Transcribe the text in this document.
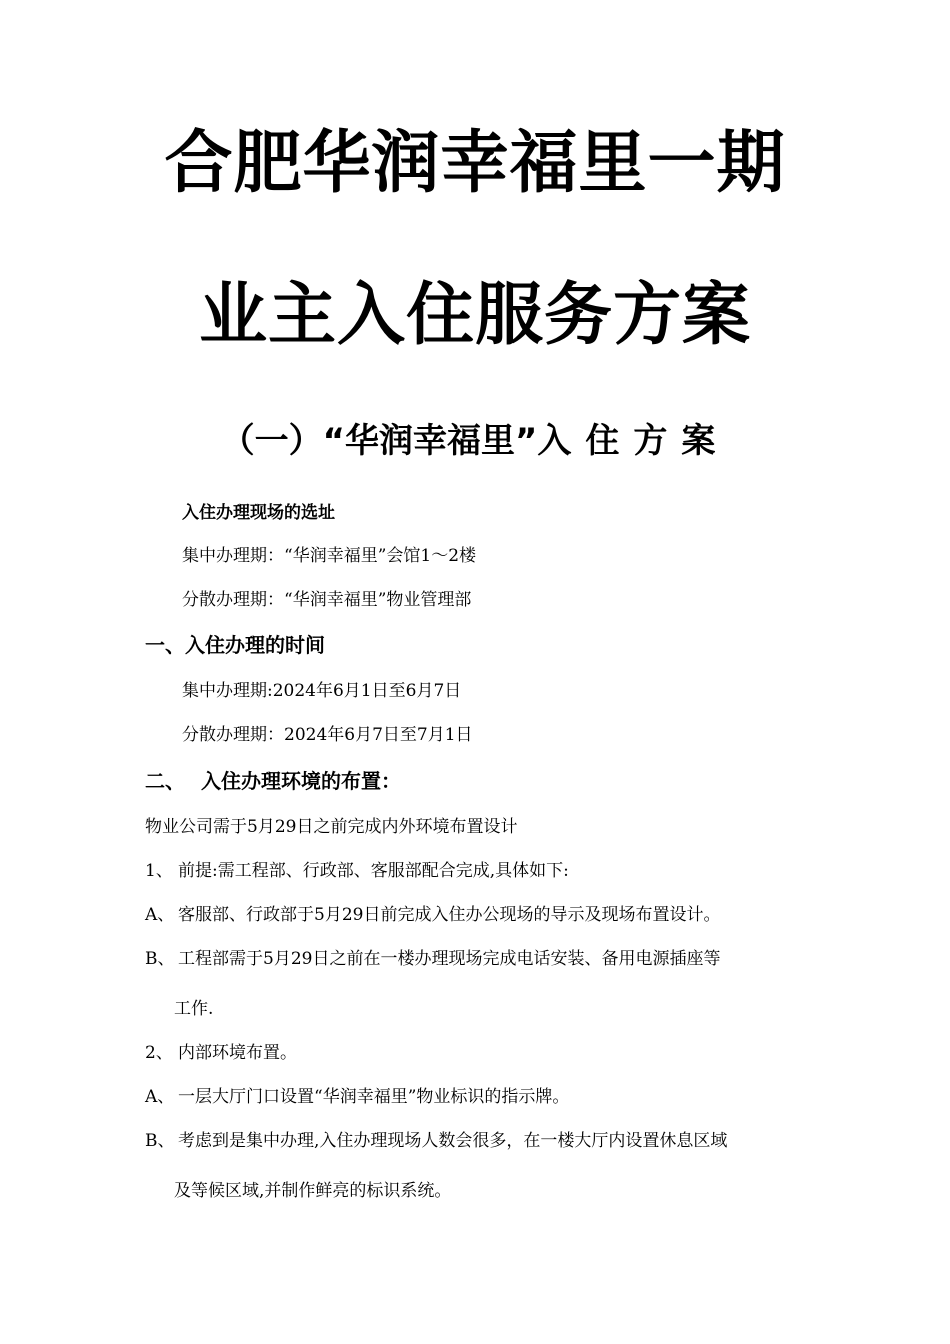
合肥华润幸福里一期
业主入住服务方案
（一）“华润幸福里”入住方案
入住办理现场的选址
集中办理期：“华润幸福里”会馆1～2楼
分散办理期：“华润幸福里”物业管理部
一、入住办理的时间
集中办理期:2024年6月1日至6月7日
分散办理期：2024年6月7日至7月1日
二、 入住办理环境的布置：
物业公司需于5月29日之前完成内外环境布置设计
1、 前提:需工程部、行政部、客服部配合完成,具体如下:
A、 客服部、行政部于5月29日前完成入住办公现场的导示及现场布置设计。
B、 工程部需于5月29日之前在一楼办理现场完成电话安装、备用电源插座等
工作.
2、 内部环境布置。
A、 一层大厅门口设置“华润幸福里”物业标识的指示牌。
B、 考虑到是集中办理,入住办理现场人数会很多，在一楼大厅内设置休息区域
及等候区域,并制作鲜亮的标识系统。
